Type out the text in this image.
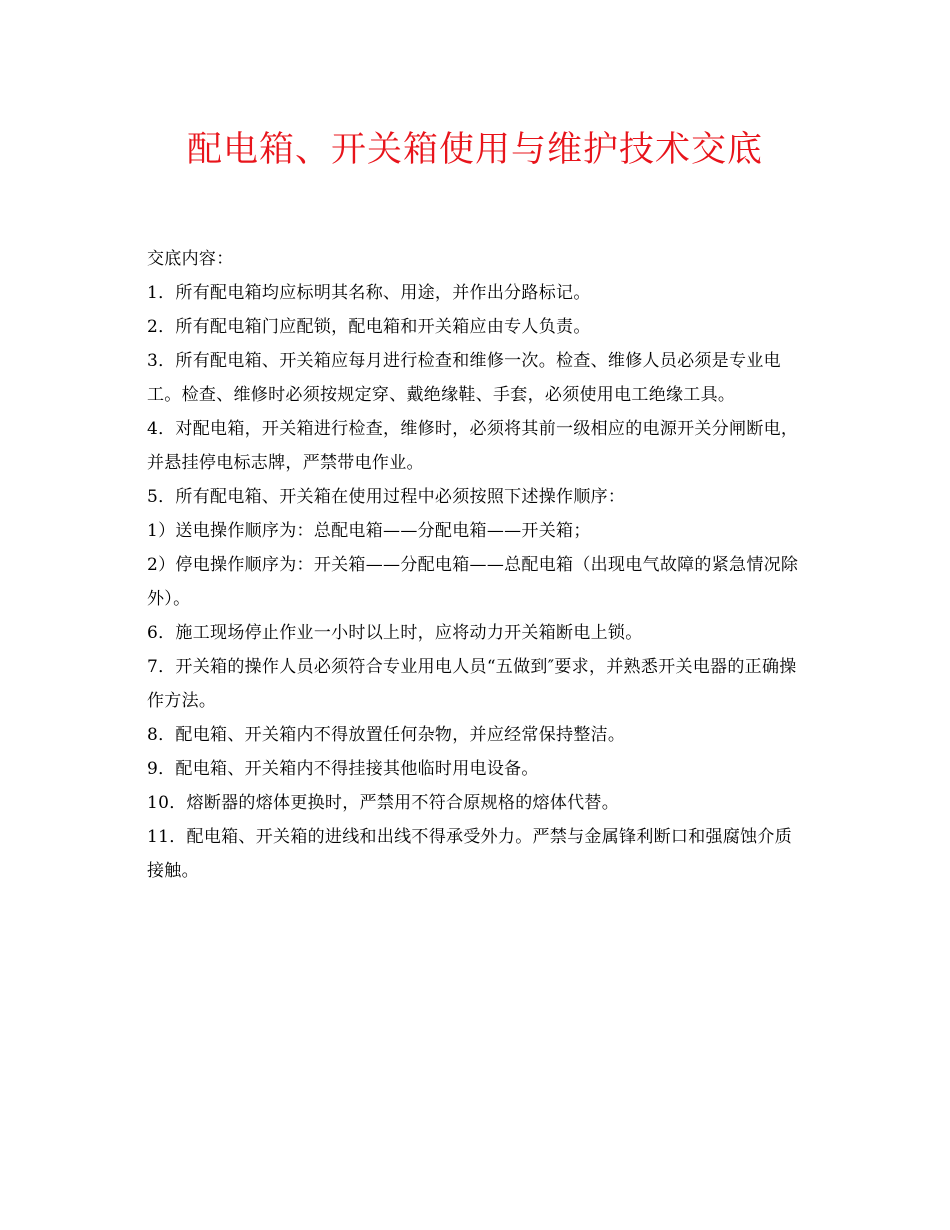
配电箱、开关箱使用与维护技术交底

交底内容：

1．所有配电箱均应标明其名称、用途，并作出分路标记。

2．所有配电箱门应配锁，配电箱和开关箱应由专人负责。

3．所有配电箱、开关箱应每月进行检查和维修一次。检查、维修人员必须是专业电工。检查、维修时必须按规定穿、戴绝缘鞋、手套，必须使用电工绝缘工具。

4．对配电箱，开关箱进行检查，维修时，必须将其前一级相应的电源开关分闸断电，并悬挂停电标志牌，严禁带电作业。

5．所有配电箱、开关箱在使用过程中必须按照下述操作顺序：

1）送电操作顺序为：总配电箱——分配电箱——开关箱；

2）停电操作顺序为：开关箱——分配电箱——总配电箱（出现电气故障的紧急情况除外）。

6．施工现场停止作业一小时以上时，应将动力开关箱断电上锁。

7．开关箱的操作人员必须符合专业用电人员“五做到″要求，并熟悉开关电器的正确操作方法。

8．配电箱、开关箱内不得放置任何杂物，并应经常保持整洁。

9．配电箱、开关箱内不得挂接其他临时用电设备。

10．熔断器的熔体更换时，严禁用不符合原规格的熔体代替。

11．配电箱、开关箱的进线和出线不得承受外力。严禁与金属锋利断口和强腐蚀介质接触。
